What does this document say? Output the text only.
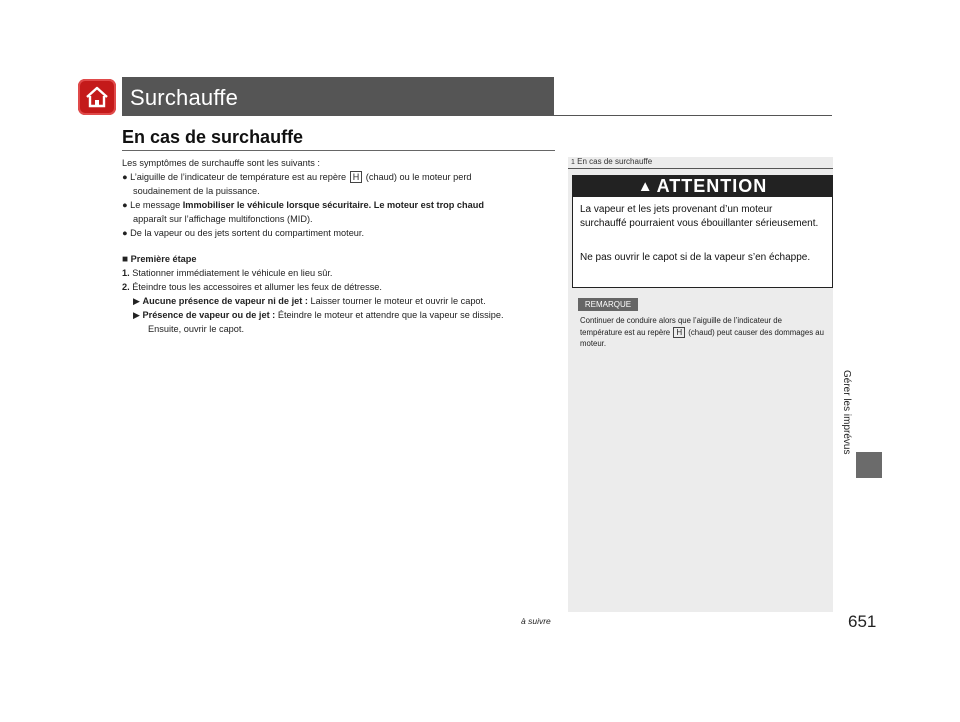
Surchauffe
En cas de surchauffe
Les symptômes de surchauffe sont les suivants :
● L’aiguille de l’indicateur de température est au repère H (chaud) ou le moteur perd
soudainement de la puissance.
● Le message Immobiliser le véhicule lorsque sécuritaire. Le moteur est trop chaud
apparaît sur l’affichage multifonctions (MID).
● De la vapeur ou des jets sortent du compartiment moteur.
■ Première étape
1. Stationner immédiatement le véhicule en lieu sûr.
2. Éteindre tous les accessoires et allumer les feux de détresse.
▶ Aucune présence de vapeur ni de jet : Laisser tourner le moteur et ouvrir le capot.
▶ Présence de vapeur ou de jet : Éteindre le moteur et attendre que la vapeur se dissipe.
Ensuite, ouvrir le capot.
1 En cas de surchauffe
▲ ATTENTION
La vapeur et les jets provenant d’un moteur surchauffé pourraient vous ébouillanter sérieusement.
Ne pas ouvrir le capot si de la vapeur s’en échappe.
REMARQUE
Continuer de conduire alors que l’aiguille de l’indicateur de température est au repère H (chaud) peut causer des dommages au moteur.
Gérer les imprévus
à suivre	651
